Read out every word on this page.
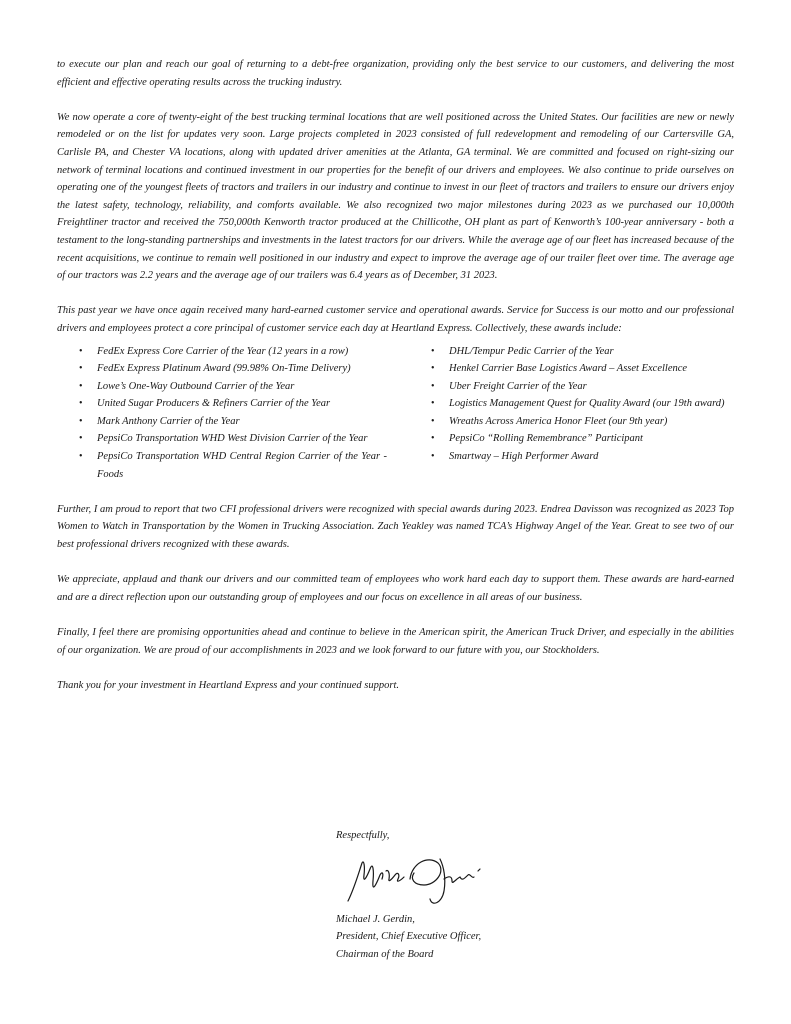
to execute our plan and reach our goal of returning to a debt-free organization, providing only the best service to our customers, and delivering the most efficient and effective operating results across the trucking industry.

We now operate a core of twenty-eight of the best trucking terminal locations that are well positioned across the United States. Our facilities are new or newly remodeled or on the list for updates very soon. Large projects completed in 2023 consisted of full redevelopment and remodeling of our Cartersville GA, Carlisle PA, and Chester VA locations, along with updated driver amenities at the Atlanta, GA terminal. We are committed and focused on right-sizing our network of terminal locations and continued investment in our properties for the benefit of our drivers and employees. We also continue to pride ourselves on operating one of the youngest fleets of tractors and trailers in our industry and continue to invest in our fleet of tractors and trailers to ensure our drivers enjoy the latest safety, technology, reliability, and comforts available. We also recognized two major milestones during 2023 as we purchased our 10,000th Freightliner tractor and received the 750,000th Kenworth tractor produced at the Chillicothe, OH plant as part of Kenworth’s 100-year anniversary - both a testament to the long-standing partnerships and investments in the latest tractors for our drivers. While the average age of our fleet has increased because of the recent acquisitions, we continue to remain well positioned in our industry and expect to improve the average age of our trailer fleet over time. The average age of our tractors was 2.2 years and the average age of our trailers was 6.4 years as of December, 31 2023.

This past year we have once again received many hard-earned customer service and operational awards. Service for Success is our motto and our professional drivers and employees protect a core principal of customer service each day at Heartland Express. Collectively, these awards include:

• FedEx Express Core Carrier of the Year (12 years in a row)
• FedEx Express Platinum Award (99.98% On-Time Delivery)
• Lowe’s One-Way Outbound Carrier of the Year
• United Sugar Producers & Refiners Carrier of the Year
• Mark Anthony Carrier of the Year
• PepsiCo Transportation WHD West Division Carrier of the Year
• PepsiCo Transportation WHD Central Region Carrier of the Year - Foods
• DHL/Tempur Pedic Carrier of the Year
• Henkel Carrier Base Logistics Award – Asset Excellence
• Uber Freight Carrier of the Year
• Logistics Management Quest for Quality Award (our 19th award)
• Wreaths Across America Honor Fleet (our 9th year)
• PepsiCo “Rolling Remembrance” Participant
• Smartway – High Performer Award

Further, I am proud to report that two CFI professional drivers were recognized with special awards during 2023. Endrea Davisson was recognized as 2023 Top Women to Watch in Transportation by the Women in Trucking Association. Zach Yeakley was named TCA’s Highway Angel of the Year. Great to see two of our best professional drivers recognized with these awards.

We appreciate, applaud and thank our drivers and our committed team of employees who work hard each day to support them. These awards are hard-earned and are a direct reflection upon our outstanding group of employees and our focus on excellence in all areas of our business.

Finally, I feel there are promising opportunities ahead and continue to believe in the American spirit, the American Truck Driver, and especially in the abilities of our organization. We are proud of our accomplishments in 2023 and we look forward to our future with you, our Stockholders.

Thank you for your investment in Heartland Express and your continued support.

Respectfully,
Michael J. Gerdin,
President, Chief Executive Officer,
Chairman of the Board
